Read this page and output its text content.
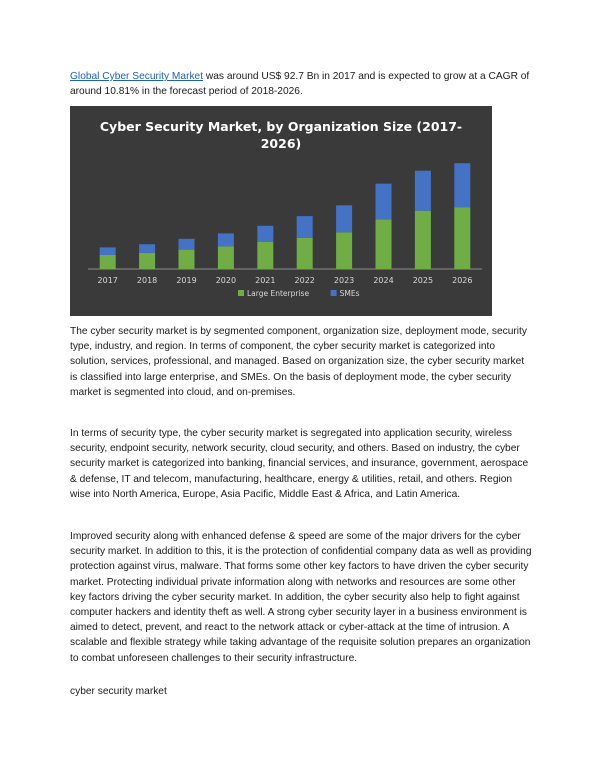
Global Cyber Security Market was around US$ 92.7 Bn in 2017 and is expected to grow at a CAGR of around 10.81% in the forecast period of 2018-2026.

Cyber Security Market, by Organization Size (2017-
2026)
2017 2018 2019 2020 2021 2022 2023 2024 2025 2026
Large Enterprise	SMEs

The cyber security market is by segmented component, organization size, deployment mode, security type, industry, and region. In terms of component, the cyber security market is categorized into solution, services, professional, and managed. Based on organization size, the cyber security market is classified into large enterprise, and SMEs. On the basis of deployment mode, the cyber security market is segmented into cloud, and on-premises.

In terms of security type, the cyber security market is segregated into application security, wireless security, endpoint security, network security, cloud security, and others. Based on industry, the cyber security market is categorized into banking, financial services, and insurance, government, aerospace & defense, IT and telecom, manufacturing, healthcare, energy & utilities, retail, and others. Region wise into North America, Europe, Asia Pacific, Middle East & Africa, and Latin America.

Improved security along with enhanced defense & speed are some of the major drivers for the cyber security market. In addition to this, it is the protection of confidential company data as well as providing protection against virus, malware. That forms some other key factors to have driven the cyber security market. Protecting individual private information along with networks and resources are some other key factors driving the cyber security market. In addition, the cyber security also help to fight against computer hackers and identity theft as well. A strong cyber security layer in a business environment is aimed to detect, prevent, and react to the network attack or cyber-attack at the time of intrusion. A scalable and flexible strategy while taking advantage of the requisite solution prepares an organization to combat unforeseen challenges to their security infrastructure.

cyber security market
